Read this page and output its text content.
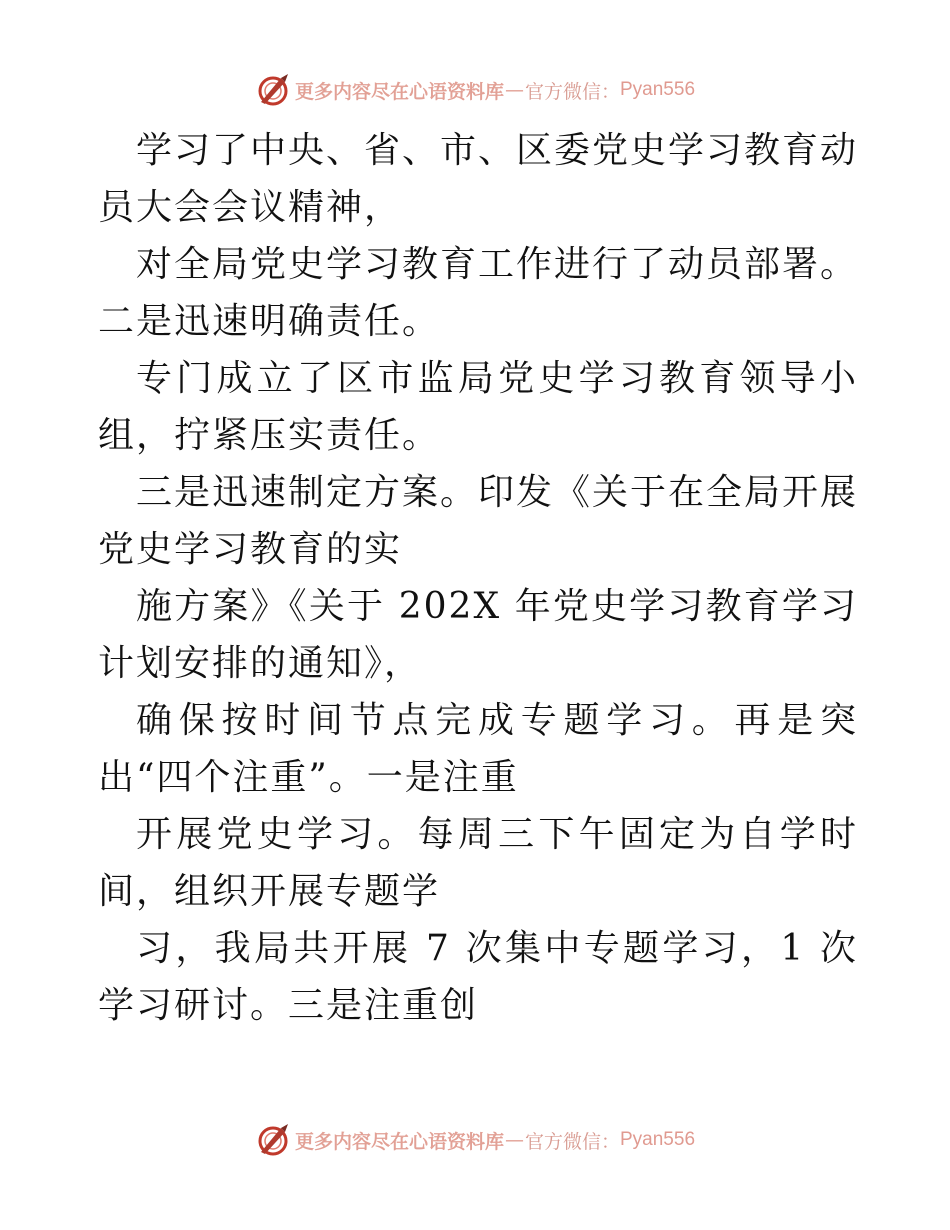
更多内容尽在心语资料库 — 官方微信： Pyan556

学习了中央、省、市、区委党史学习教育动员大会会议精神，

对全局党史学习教育工作进行了动员部署。二是迅速明确责任。

专门成立了区市监局党史学习教育领导小组，拧紧压实责任。

三是迅速制定方案。印发《关于在全局开展党史学习教育的实

施方案》《关于 202X 年党史学习教育学习计划安排的通知》，

确保按时间节点完成专题学习。再是突出“四个注重”。一是注重

开展党史学习。每周三下午固定为自学时间，组织开展专题学

习，我局共开展 7 次集中专题学习，1 次学习研讨。三是注重创

更多内容尽在心语资料库 — 官方微信： Pyan556
